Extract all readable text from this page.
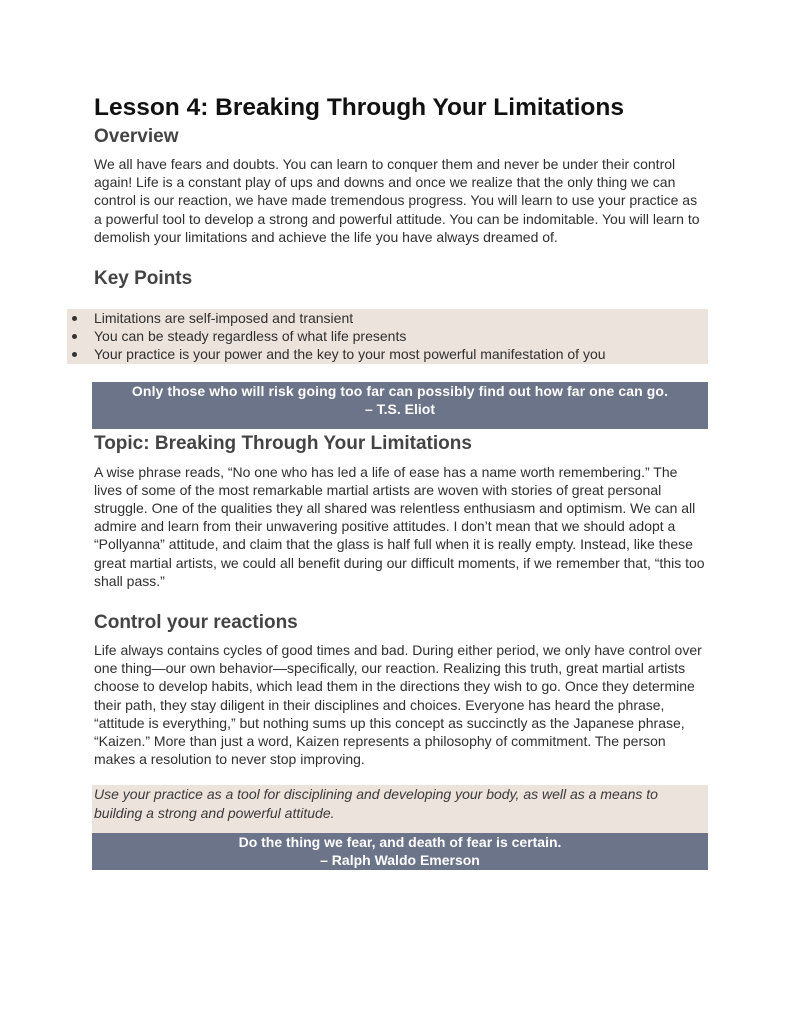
Lesson 4: Breaking Through Your Limitations
Overview

We all have fears and doubts. You can learn to conquer them and never be under their control again! Life is a constant play of ups and downs and once we realize that the only thing we can control is our reaction, we have made tremendous progress. You will learn to use your practice as a powerful tool to develop a strong and powerful attitude. You can be indomitable. You will learn to demolish your limitations and achieve the life you have always dreamed of.

Key Points
Limitations are self-imposed and transient
You can be steady regardless of what life presents
Your practice is your power and the key to your most powerful manifestation of you
Only those who will risk going too far can possibly find out how far one can go.
– T.S. Eliot
Topic: Breaking Through Your Limitations

A wise phrase reads, “No one who has led a life of ease has a name worth remembering.” The lives of some of the most remarkable martial artists are woven with stories of great personal struggle. One of the qualities they all shared was relentless enthusiasm and optimism. We can all admire and learn from their unwavering positive attitudes. I don’t mean that we should adopt a “Pollyanna” attitude, and claim that the glass is half full when it is really empty. Instead, like these great martial artists, we could all benefit during our difficult moments, if we remember that, “this too shall pass.”

Control your reactions

Life always contains cycles of good times and bad. During either period, we only have control over one thing—our own behavior—specifically, our reaction. Realizing this truth, great martial artists choose to develop habits, which lead them in the directions they wish to go. Once they determine their path, they stay diligent in their disciplines and choices. Everyone has heard the phrase, “attitude is everything,” but nothing sums up this concept as succinctly as the Japanese phrase, “Kaizen.” More than just a word, Kaizen represents a philosophy of commitment. The person makes a resolution to never stop improving.

Use your practice as a tool for disciplining and developing your body, as well as a means to building a strong and powerful attitude.
Do the thing we fear, and death of fear is certain.
– Ralph Waldo Emerson
